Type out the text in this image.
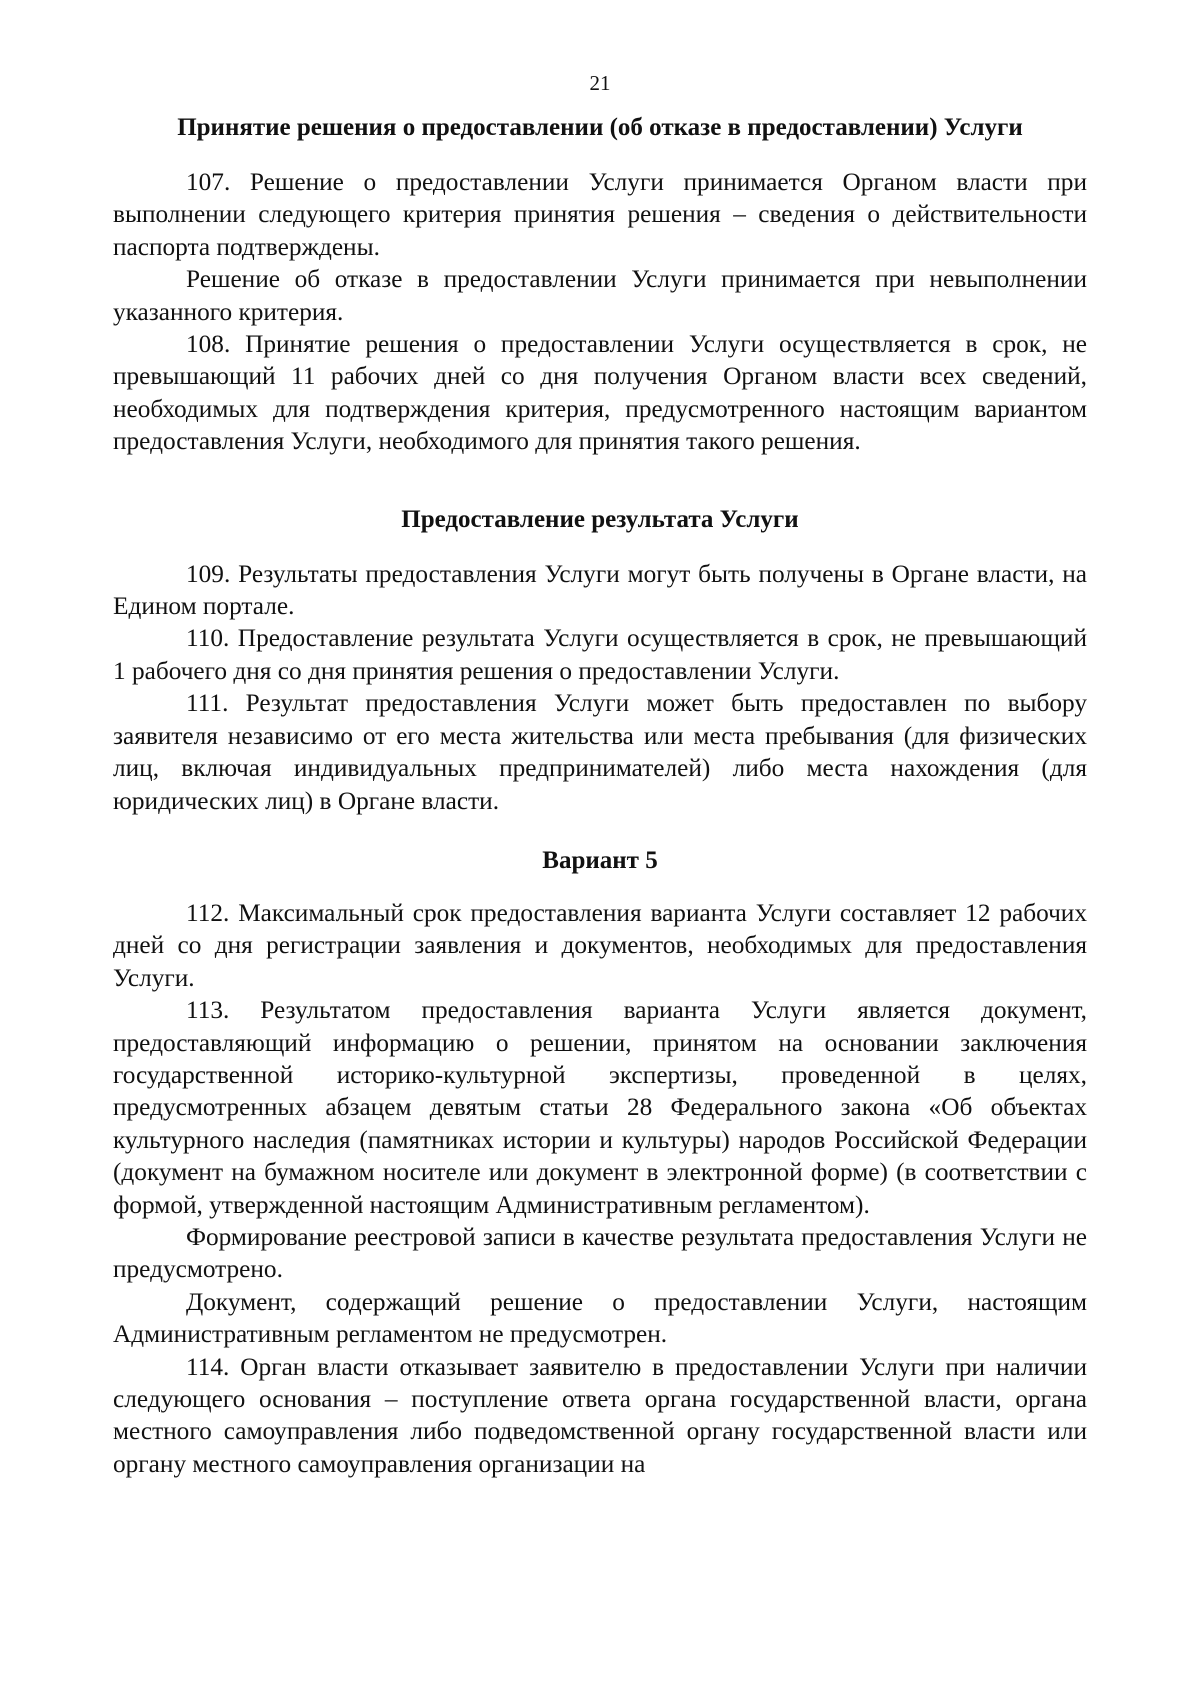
21
Принятие решения о предоставлении (об отказе в предоставлении) Услуги

107. Решение о предоставлении Услуги принимается Органом власти при выполнении следующего критерия принятия решения – сведения о действительности паспорта подтверждены.

Решение об отказе в предоставлении Услуги принимается при невыполнении указанного критерия.

108. Принятие решения о предоставлении Услуги осуществляется в срок, не превышающий 11 рабочих дней со дня получения Органом власти всех сведений, необходимых для подтверждения критерия, предусмотренного настоящим вариантом предоставления Услуги, необходимого для принятия такого решения.

Предоставление результата Услуги

109. Результаты предоставления Услуги могут быть получены в Органе власти, на Едином портале.

110. Предоставление результата Услуги осуществляется в срок, не превышающий 1 рабочего дня со дня принятия решения о предоставлении Услуги.

111. Результат предоставления Услуги может быть предоставлен по выбору заявителя независимо от его места жительства или места пребывания (для физических лиц, включая индивидуальных предпринимателей) либо места нахождения (для юридических лиц) в Органе власти.

Вариант 5

112. Максимальный срок предоставления варианта Услуги составляет 12 рабочих дней со дня регистрации заявления и документов, необходимых для предоставления Услуги.

113. Результатом предоставления варианта Услуги является документ, предоставляющий информацию о решении, принятом на основании заключения государственной историко-культурной экспертизы, проведенной в целях, предусмотренных абзацем девятым статьи 28 Федерального закона «Об объектах культурного наследия (памятниках истории и культуры) народов Российской Федерации (документ на бумажном носителе или документ в электронной форме) (в соответствии с формой, утвержденной настоящим Административным регламентом).

Формирование реестровой записи в качестве результата предоставления Услуги не предусмотрено.

Документ, содержащий решение о предоставлении Услуги, настоящим Административным регламентом не предусмотрен.

114. Орган власти отказывает заявителю в предоставлении Услуги при наличии следующего основания – поступление ответа органа государственной власти, органа местного самоуправления либо подведомственной органу государственной власти или органу местного самоуправления организации на
